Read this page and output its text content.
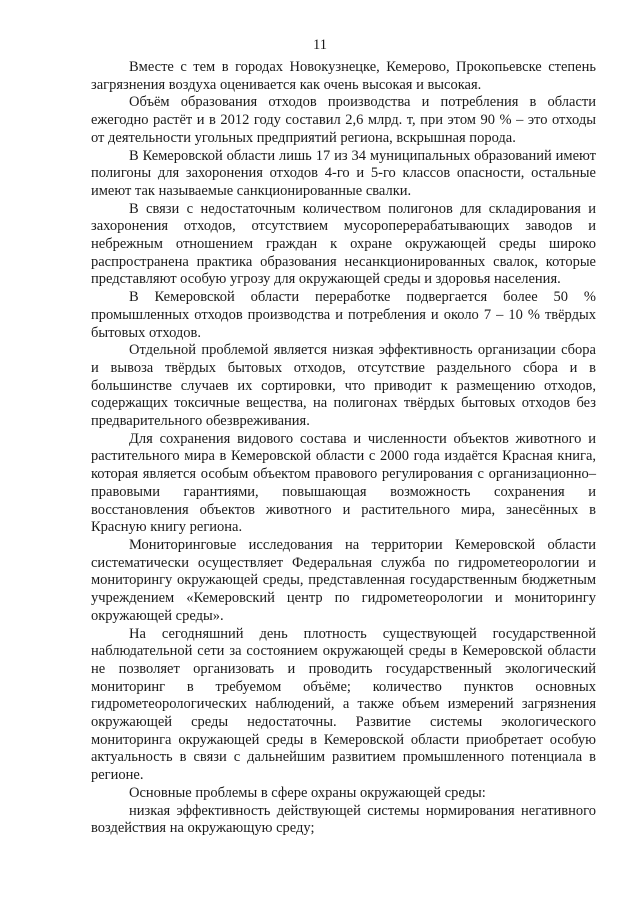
11

Вместе с тем в городах Новокузнецке, Кемерово, Прокопьевске степень загрязнения воздуха оценивается как очень высокая и высокая.

Объём образования отходов производства и потребления в области ежегодно растёт и в 2012 году составил 2,6 млрд. т, при этом 90 % – это отходы от деятельности угольных предприятий региона, вскрышная порода.

В Кемеровской области лишь 17 из 34 муниципальных образований имеют полигоны для захоронения отходов 4-го и 5-го классов опасности, остальные имеют так называемые санкционированные свалки.

В связи с недостаточным количеством полигонов для складирования и захоронения отходов, отсутствием мусороперерабатывающих заводов и небрежным отношением граждан к охране окружающей среды широко распространена практика образования несанкционированных свалок, которые представляют особую угрозу для окружающей среды и здоровья населения.

В Кемеровской области переработке подвергается более 50 % промышленных отходов производства и потребления и около 7 – 10 % твёрдых бытовых отходов.

Отдельной проблемой является низкая эффективность организации сбора и вывоза твёрдых бытовых отходов, отсутствие раздельного сбора и в большинстве случаев их сортировки, что приводит к размещению отходов, содержащих токсичные вещества, на полигонах твёрдых бытовых отходов без предварительного обезвреживания.

Для сохранения видового состава и численности объектов животного и растительного мира в Кемеровской области с 2000 года издаётся Красная книга, которая является особым объектом правового регулирования с организационно–правовыми гарантиями, повышающая возможность сохранения и восстановления объектов животного и растительного мира, занесённых в Красную книгу региона.

Мониторинговые исследования на территории Кемеровской области систематически осуществляет Федеральная служба по гидрометеорологии и мониторингу окружающей среды, представленная государственным бюджетным учреждением «Кемеровский центр по гидрометеорологии и мониторингу окружающей среды».

На сегодняшний день плотность существующей государственной наблюдательной сети за состоянием окружающей среды в Кемеровской области не позволяет организовать и проводить государственный экологический мониторинг в требуемом объёме; количество пунктов основных гидрометеорологических наблюдений, а также объем измерений загрязнения окружающей среды недостаточны. Развитие системы экологического мониторинга окружающей среды в Кемеровской области приобретает особую актуальность в связи с дальнейшим развитием промышленного потенциала в регионе.

Основные проблемы в сфере охраны окружающей среды:

низкая эффективность действующей системы нормирования негативного воздействия на окружающую среду;
